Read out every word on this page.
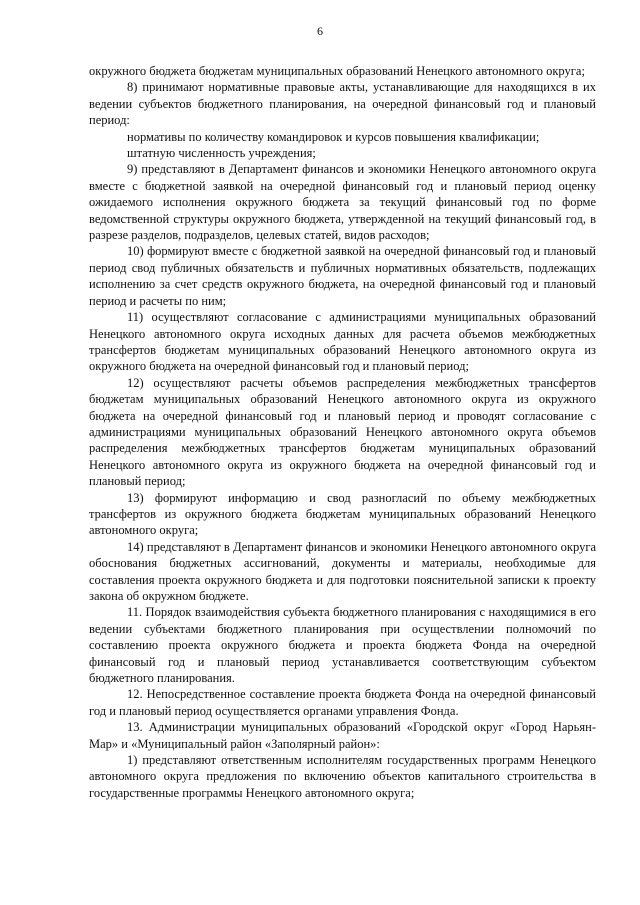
6

окружного бюджета бюджетам муниципальных образований Ненецкого автономного округа;

8) принимают нормативные правовые акты, устанавливающие для находящихся в их ведении субъектов бюджетного планирования, на очередной финансовый год и плановый период:

нормативы по количеству командировок и курсов повышения квалификации;

штатную численность учреждения;

9) представляют в Департамент финансов и экономики Ненецкого автономного округа вместе с бюджетной заявкой на очередной финансовый год и плановый период оценку ожидаемого исполнения окружного бюджета за текущий финансовый год по форме ведомственной структуры окружного бюджета, утвержденной на текущий финансовый год, в разрезе разделов, подразделов, целевых статей, видов расходов;

10) формируют вместе с бюджетной заявкой на очередной финансовый год и плановый период свод публичных обязательств и публичных нормативных обязательств, подлежащих исполнению за счет средств окружного бюджета, на очередной финансовый год и плановый период и расчеты по ним;

11) осуществляют согласование с администрациями муниципальных образований Ненецкого автономного округа исходных данных для расчета объемов межбюджетных трансфертов бюджетам муниципальных образований Ненецкого автономного округа из окружного бюджета на очередной финансовый год и плановый период;

12) осуществляют расчеты объемов распределения межбюджетных трансфертов бюджетам муниципальных образований Ненецкого автономного округа из окружного бюджета на очередной финансовый год и плановый период и проводят согласование с администрациями муниципальных образований Ненецкого автономного округа объемов распределения межбюджетных трансфертов бюджетам муниципальных образований Ненецкого автономного округа из окружного бюджета на очередной финансовый год и плановый период;

13) формируют информацию и свод разногласий по объему межбюджетных трансфертов из окружного бюджета бюджетам муниципальных образований Ненецкого автономного округа;

14) представляют в Департамент финансов и экономики Ненецкого автономного округа обоснования бюджетных ассигнований, документы и материалы, необходимые для составления проекта окружного бюджета и для подготовки пояснительной записки к проекту закона об окружном бюджете.

11. Порядок взаимодействия субъекта бюджетного планирования с находящимися в его ведении субъектами бюджетного планирования при осуществлении полномочий по составлению проекта окружного бюджета и проекта бюджета Фонда на очередной финансовый год и плановый период устанавливается соответствующим субъектом бюджетного планирования.

12. Непосредственное составление проекта бюджета Фонда на очередной финансовый год и плановый период осуществляется органами управления Фонда.

13. Администрации муниципальных образований «Городской округ «Город Нарьян-Мар» и «Муниципальный район «Заполярный район»:

1) представляют ответственным исполнителям государственных программ Ненецкого автономного округа предложения по включению объектов капитального строительства в государственные программы Ненецкого автономного округа;
